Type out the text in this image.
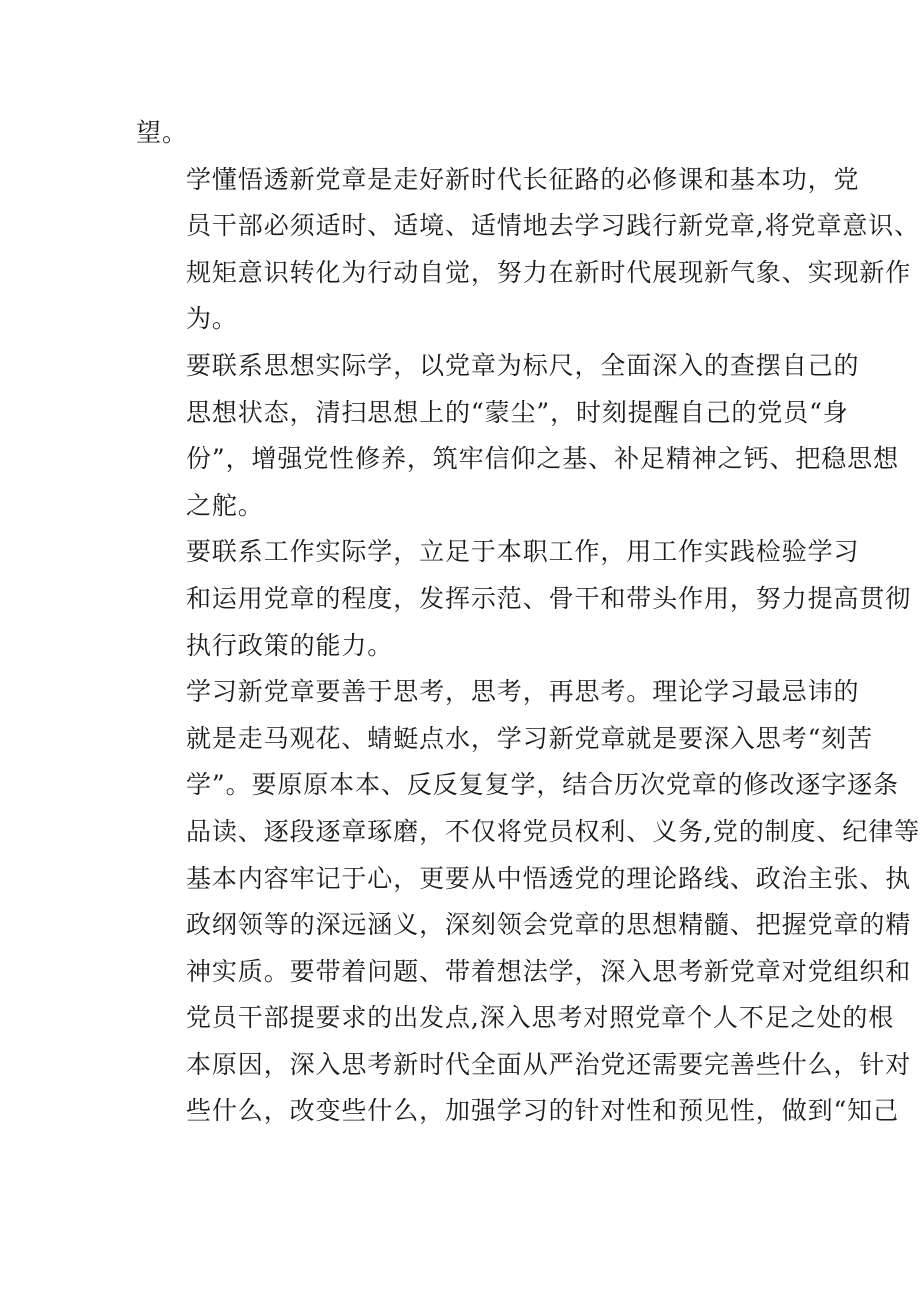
望。

学懂悟透新党章是走好新时代长征路的必修课和基本功，党
员干部必须适时、适境、适情地去学习践行新党章,将党章意识、
规矩意识转化为行动自觉，努力在新时代展现新气象、实现新作
为。

要联系思想实际学，以党章为标尺，全面深入的查摆自己的
思想状态，清扫思想上的“蒙尘”，时刻提醒自己的党员“身
份”，增强党性修养，筑牢信仰之基、补足精神之钙、把稳思想
之舵。

要联系工作实际学，立足于本职工作，用工作实践检验学习
和运用党章的程度，发挥示范、骨干和带头作用，努力提高贯彻
执行政策的能力。

学习新党章要善于思考，思考，再思考。理论学习最忌讳的
就是走马观花、蜻蜓点水，学习新党章就是要深入思考“刻苦
学”。要原原本本、反反复复学，结合历次党章的修改逐字逐条
品读、逐段逐章琢磨，不仅将党员权利、义务,党的制度、纪律等
基本内容牢记于心，更要从中悟透党的理论路线、政治主张、执
政纲领等的深远涵义，深刻领会党章的思想精髓、把握党章的精
神实质。要带着问题、带着想法学，深入思考新党章对党组织和
党员干部提要求的出发点,深入思考对照党章个人不足之处的根
本原因，深入思考新时代全面从严治党还需要完善些什么，针对
些什么，改变些什么，加强学习的针对性和预见性，做到“知己
